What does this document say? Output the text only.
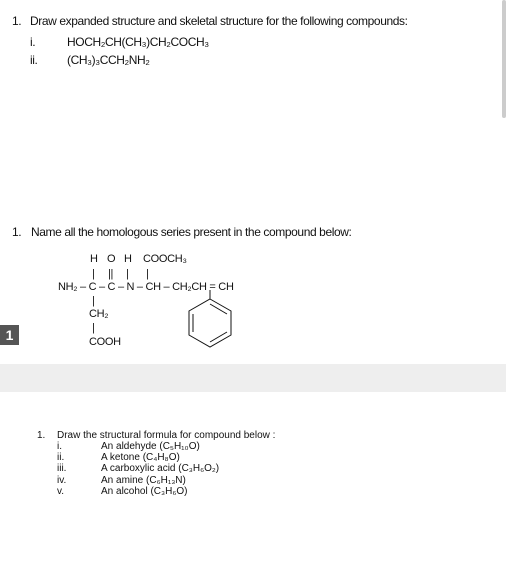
1. Draw expanded structure and skeletal structure for the following compounds:
i.	HOCH₂CH(CH₃)CH₂COCH₃
ii. (CH₃)₃CCH₂NH₂
1. Name all the homologous series present in the compound below:
H O H COOCH₃
| || | |
NH₂ – C – C – N – CH – CH₂CH = CH
|
CH₂
|
COOH
1
1. Draw the structural formula for compound below :
i.	An aldehyde (C₅H₁₀O)
ii.	A ketone (C₄H₈O)
iii.	A carboxylic acid (C₃H₆O₂)
iv.	An amine (C₆H₁₃N)
v.	An alcohol (C₃H₆O)
